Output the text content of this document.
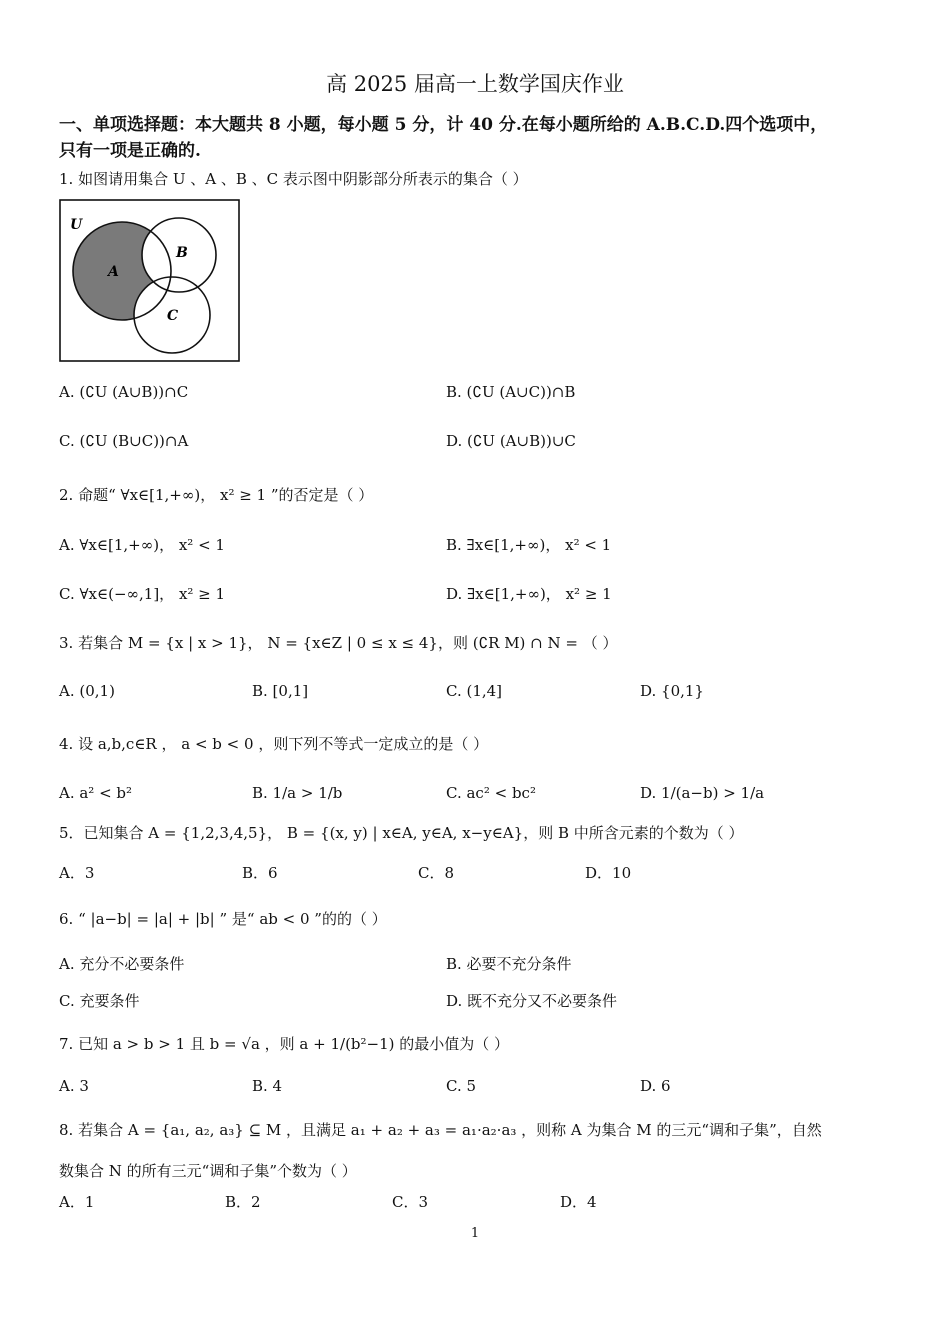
高 2025 届高一上数学国庆作业
一、单项选择题：本大题共 8 小题，每小题 5 分，计 40 分.在每小题所给的 A.B.C.D.四个选项中，
只有一项是正确的.
1. 如图请用集合 U 、A 、B 、C 表示图中阴影部分所表示的集合（ ）
U
A
B
C
A. (∁U (A∪B))∩C	B. (∁U (A∪C))∩B
C. (∁U (B∪C))∩A	D. (∁U (A∪B))∪C
2. 命题“ ∀x∈[1,+∞)， x² ≥ 1 ”的否定是（ ）
A. ∀x∈[1,+∞)， x² < 1	B. ∃x∈[1,+∞)， x² < 1
C. ∀x∈(−∞,1]， x² ≥ 1	D. ∃x∈[1,+∞)， x² ≥ 1
3. 若集合 M = {x | x > 1}， N = {x∈Z | 0 ≤ x ≤ 4}，则 (∁R M) ∩ N = （ ）
A. (0,1)	B. [0,1]	C. (1,4]	D. {0,1}
4. 设 a,b,c∈R ， a < b < 0 ，则下列不等式一定成立的是（ ）
A. a² < b²	B. 1/a > 1/b	C. ac² < bc²	D. 1/(a−b) > 1/a
5．已知集合 A = {1,2,3,4,5}， B = {(x, y) | x∈A, y∈A, x−y∈A}，则 B 中所含元素的个数为（ ）
A．3	B．6	C．8	D．10
6. “ |a−b| = |a| + |b| ” 是“ ab < 0 ”的的（ ）
A. 充分不必要条件	B. 必要不充分条件
C. 充要条件	D. 既不充分又不必要条件
7. 已知 a > b > 1 且 b = √a ，则 a + 1/(b²−1) 的最小值为（ ）
A. 3	B. 4	C. 5	D. 6
8. 若集合 A = {a₁, a₂, a₃} ⊆ M ，且满足 a₁ + a₂ + a₃ = a₁·a₂·a₃ ，则称 A 为集合 M 的三元“调和子集”，自然
数集合 N 的所有三元“调和子集”个数为（ ）
A．1	B．2	C．3	D．4
1
